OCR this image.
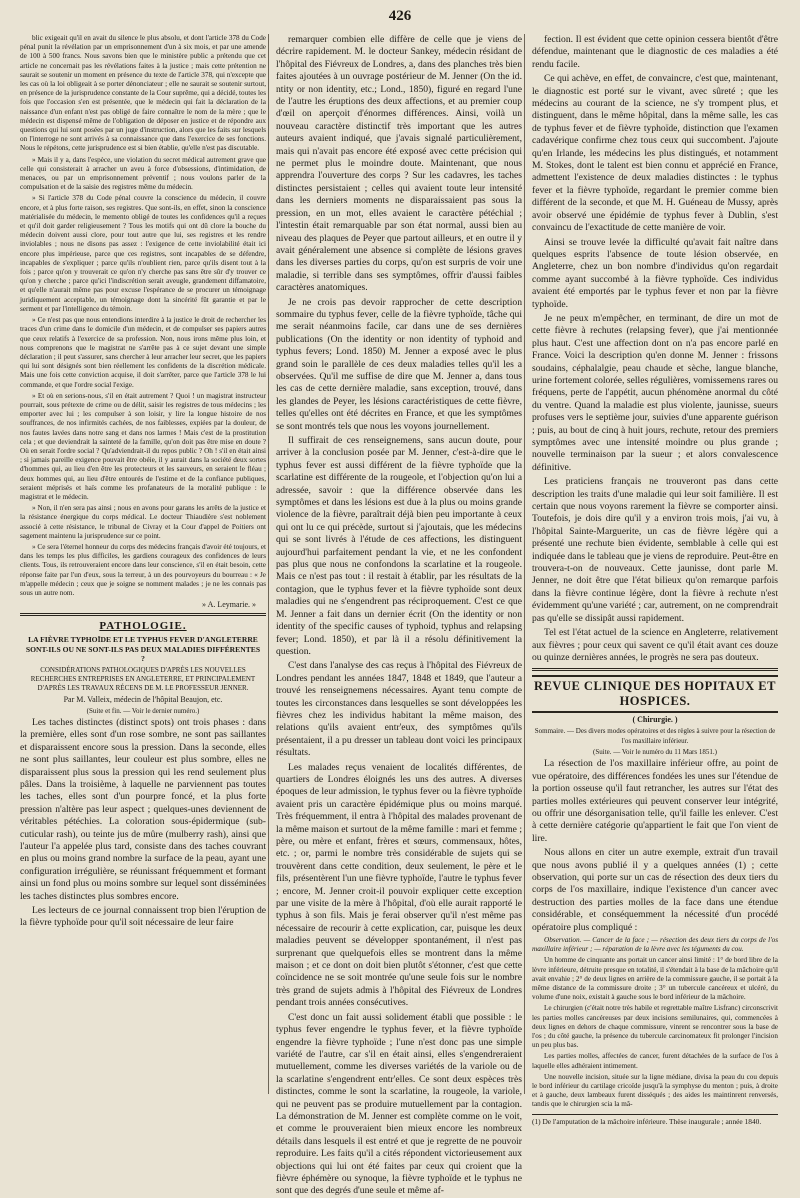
426

blic exigeait qu'il en avait du silence le plus absolu, et dont l'article 378 du Code pénal punit la révélation par un emprisonnement d'un à six mois, et par une amende de 100 à 500 francs. Nous savons bien que le ministère public a prétendu que cet article ne concernait pas les révélations faites à la justice ; mais cette prétention ne saurait se soutenir un moment en présence du texte de l'article 378, qui n'excepte que les cas où la loi obligeait à se porter dénonciateur ; elle ne saurait se soutenir surtout, en présence de la jurisprudence constante de la Cour suprême, qui a décidé, toutes les fois que l'occasion s'en est présentée, que le médecin qui fait la déclaration de la naissance d'un enfant n'est pas obligé de faire connaître le nom de la mère ; que le médecin est dispensé même de l'obligation de déposer en justice et de répondre aux questions qui lui sont posées par un juge d'instruction, alors que les faits sur lesquels on l'interroge ne sont arrivés à sa connaissance que dans l'exercice de ses fonctions. Nous le répétons, cette jurisprudence est si bien établie, qu'elle n'est pas discutable.

» Mais il y a, dans l'espèce, une violation du secret médical autrement grave que celle qui consisterait à arracher un aveu à force d'obsessions, d'intimidation, de menaces, ou par un emprisonnement préventif ; nous voulons parler de la compulsation et de la saisie des registres même du médecin.

» Si l'article 378 du Code pénal couvre la conscience du médecin, il couvre encore, et à plus forte raison, ses registres. Que sont-ils, en effet, sinon la conscience matérialisée du médecin, le memento obligé de toutes les confidences qu'il a reçues et qu'il doit garder religieusement ? Tous les motifs qui ont dû clore la bouche du médecin doivent aussi clore, pour tout autre que lui, ses registres et les rendre inviolables ; nous ne disons pas assez : l'exigence de cette inviolabilité était ici encore plus impérieuse, parce que ces registres, sont incapables de se défendre, incapables de s'expliquer ; parce qu'ils n'oublient rien, parce qu'ils disent tout à la fois ; parce qu'on y trouverait ce qu'on n'y cherche pas sans être sûr d'y trouver ce qu'on y cherche ; parce qu'ici l'indiscrétion serait aveugle, grandement diffamatoire, et qu'elle n'aurait même pas pour excuse l'espérance de se procurer un témoignage juridiquement acceptable, un témoignage dont la sincérité fût garantie et par le serment et par l'intelligence du témoin.

» Ce n'est pas que nous entendions interdire à la justice le droit de rechercher les traces d'un crime dans le domicile d'un médecin, et de compulser ses papiers autres que ceux relatifs à l'exercice de sa profession. Non, nous irons même plus loin, et nous comprenons que le magistrat ne s'arrête pas à ce sujet devant une simple déclaration ; il peut s'assurer, sans chercher à leur arracher leur secret, que les papiers qui lui sont désignés sont bien réellement les confidents de la discrétion médicale. Mais une fois cette conviction acquise, il doit s'arrêter, parce que l'article 378 le lui commande, et que l'ordre social l'exige.

» Et où en serions-nous, s'il en était autrement ? Quoi ! un magistrat instructeur pourrait, sous prétexte de crime ou de délit, saisir les registres de tous médecins ; les emporter avec lui ; les compulser à son loisir, y lire la longue histoire de nos souffrances, de nos infirmités cachées, de nos faiblesses, expiées par la douleur, de nos fautes lavées dans notre sang et dans nos larmes ! Mais c'est de la prostitution cela ; et que deviendrait la sainteté de la famille, qu'on doit pas être mise en doute ? Où en serait l'ordre social ? Qu'adviendrait-il du repos public ? Oh ! s'il en était ainsi ; si jamais pareille exigence pouvait être obéie, il y aurait dans la société deux sortes d'hommes qui, au lieu d'en être les protecteurs et les sauveurs, en seraient le fléau ; deux hommes qui, au lieu d'être entourés de l'estime et de la confiance publiques, seraient méprisés et haïs comme les profanateurs de la moralité publique : le magistrat et le médecin.

» Non, il n'en sera pas ainsi ; nous en avons pour garans les arrêts de la justice et la résistance énergique du corps médical. Le docteur Thiaudière s'est noblement associé à cette résistance, le tribunal de Civray et la Cour d'appel de Poitiers ont sagement maintenu la jurisprudence sur ce point.

» Ce sera l'éternel honneur du corps des médecins français d'avoir été toujours, et dans les temps les plus difficiles, les gardiens courageux des confidences de leurs clients. Tous, ils retrouveraient encore dans leur conscience, s'il en était besoin, cette réponse faite par l'un d'eux, sous la terreur, à un des pourvoyeurs du bourreau : « Je m'appelle médecin ; ceux que je soigne se nomment malades ; je ne les connais pas sous un autre nom.

» A. Leymarie. »
PATHOLOGIE.
LA FIÈVRE TYPHOÏDE ET LE TYPHUS FEVER D'ANGLETERRE SONT-ILS OU NE SONT-ILS PAS DEUX MALADIES DIFFÉRENTES ?
CONSIDÉRATIONS PATHOLOGIQUES D'APRÈS LES NOUVELLES RECHERCHES ENTREPRISES EN ANGLETERRE, ET PRINCIPALEMENT D'APRÈS LES TRAVAUX RÉCENS DE M. LE PROFESSEUR JENNER.
Par M. Valleix, médecin de l'hôpital Beaujon, etc.
(Suite et fin. — Voir le dernier numéro.)

Les taches distinctes (distinct spots) ont trois phases : dans la première, elles sont d'un rose sombre, ne sont pas saillantes et disparaissent encore sous la pression. Dans la seconde, elles ne sont plus saillantes, leur couleur est plus sombre, elles ne disparaissent plus sous la pression qui les rend seulement plus pâles. Dans la troisième, à laquelle ne parviennent pas toutes les taches, elles sont d'un pourpre foncé, et la plus forte pression n'altère pas leur aspect ; quelques-unes deviennent de véritables pétéchies. La coloration sous-épidermique (sub-cuticular rash), ou teinte jus de mûre (mulberry rash), ainsi que l'auteur l'a appelée plus tard, consiste dans des taches couvrant en plus ou moins grand nombre la surface de la peau, ayant une configuration irrégulière, se réunissant fréquemment et formant ainsi un fond plus ou moins sombre sur lequel sont disséminées les taches distinctes plus sombres encore.

Les lecteurs de ce journal connaissent trop bien l'éruption de la fièvre typhoïde pour qu'il soit nécessaire de leur faire

remarquer combien elle diffère de celle que je viens de décrire rapidement. M. le docteur Sankey, médecin résidant de l'hôpital des Fiévreux de Londres, a, dans des planches très bien faites ajoutées à un ouvrage postérieur de M. Jenner (On the id. ntity or non identity, etc.; Lond., 1850), figuré en regard l'une de l'autre les éruptions des deux affections, et au premier coup d'œil on aperçoit d'énormes différences. Ainsi, voilà un nouveau caractère distinctif très important que les autres auteurs avaient indiqué, que j'avais signalé particulièrement, mais qui n'avait pas encore été exposé avec cette précision qui ne permet plus le moindre doute. Maintenant, que nous apprendra l'ouverture des corps ? Sur les cadavres, les taches distinctes persistaient ; celles qui avaient toute leur intensité dans les derniers moments ne disparaissaient pas sous la pression, en un mot, elles avaient le caractère pétéchial ; l'intestin était remarquable par son état normal, aussi bien au niveau des plaques de Peyer que partout ailleurs, et en outre il y avait généralement une absence si complète de lésions graves dans les diverses parties du corps, qu'on est surpris de voir une maladie, si terrible dans ses symptômes, offrir d'aussi faibles caractères anatomiques.

Je ne crois pas devoir rapprocher de cette description sommaire du typhus fever, celle de la fièvre typhoïde, tâche qui me serait néanmoins facile, car dans une de ses dernières publications (On the identity or non identity of typhoid and typhus fevers; Lond. 1850) M. Jenner a exposé avec le plus grand soin le parallèle de ces deux maladies telles qu'il les a observées. Qu'il me suffise de dire que M. Jenner a, dans tous les cas de cette dernière maladie, sans exception, trouvé, dans les glandes de Peyer, les lésions caractéristiques de cette fièvre, telles qu'elles ont été décrites en France, et que les symptômes se sont montrés tels que nous les voyons journellement.

Il suffirait de ces renseignemens, sans aucun doute, pour arriver à la conclusion posée par M. Jenner, c'est-à-dire que le typhus fever est aussi différent de la fièvre typhoïde que la scarlatine est différente de la rougeole, et l'objection qu'on lui a adressée, savoir : que la différence observée dans les symptômes et dans les lésions est due à la plus ou moins grande violence de la fièvre, paraîtrait déjà bien peu importante à ceux qui ont lu ce qui précède, surtout si j'ajoutais, que les médecins qui se sont livrés à l'étude de ces affections, les distinguent aujourd'hui parfaitement pendant la vie, et ne les confondent pas plus que nous ne confondons la scarlatine et la rougeole. Mais ce n'est pas tout : il restait à établir, par les résultats de la contagion, que le typhus fever et la fièvre typhoïde sont deux maladies qui ne s'engendrent pas réciproquement. C'est ce que M. Jenner a fait dans un dernier écrit (On the identity or non identity of the specific causes of typhoid, typhus and relapsing fever; Lond. 1850), et par là il a résolu définitivement la question.

C'est dans l'analyse des cas reçus à l'hôpital des Fiévreux de Londres pendant les années 1847, 1848 et 1849, que l'auteur a trouvé les renseignemens nécessaires. Ayant tenu compte de toutes les circonstances dans lesquelles se sont développées les fièvres chez les individus habitant la même maison, des relations qu'ils avaient entr'eux, des symptômes qu'ils présentaient, il a pu dresser un tableau dont voici les principaux résultats.

Les malades reçus venaient de localités différentes, de quartiers de Londres éloignés les uns des autres. A diverses époques de leur admission, le typhus fever ou la fièvre typhoïde avaient pris un caractère épidémique plus ou moins marqué. Très fréquemment, il entra à l'hôpital des malades provenant de la même maison et surtout de la même famille : mari et femme ; père, ou mère et enfant, frères et sœurs, commensaux, hôtes, etc. ; or, parmi le nombre très considérable de sujets qui se trouvèrent dans cette condition, deux seulement, le père et le fils, présentèrent l'un une fièvre typhoïde, l'autre le typhus fever ; encore, M. Jenner croit-il pouvoir expliquer cette exception par une visite de la mère à l'hôpital, d'où elle aurait rapporté le typhus à son fils. Mais je ferai observer qu'il n'est même pas nécessaire de recourir à cette explication, car, puisque les deux maladies peuvent se développer spontanément, il n'est pas surprenant que quelquefois elles se montrent dans la même maison ; et ce dont on doit bien plutôt s'étonner, c'est que cette coïncidence ne se soit montrée qu'une seule fois sur le nombre très grand de sujets admis à l'hôpital des Fiévreux de Londres pendant trois années consécutives.

C'est donc un fait aussi solidement établi que possible : le typhus fever engendre le typhus fever, et la fièvre typhoïde engendre la fièvre typhoïde ; l'une n'est donc pas une simple variété de l'autre, car s'il en était ainsi, elles s'engendreraient mutuellement, comme les diverses variétés de la variole ou de la scarlatine s'engendrent entr'elles. Ce sont deux espèces très distinctes, comme le sont la scarlatine, la rougeole, la variole, qui ne peuvent pas se produire mutuellement par la contagion. La démonstration de M. Jenner est complète comme on le voit, et comme le prouveraient bien mieux encore les nombreux détails dans lesquels il est entré et que je regrette de ne pouvoir reproduire. Les faits qu'il a cités répondent victorieusement aux objections qui lui ont été faites par ceux qui croient que la fièvre éphémère ou synoque, la fièvre typhoïde et le typhus ne sont que des degrés d'une seule et même af-

fection. Il est évident que cette opinion cessera bientôt d'être défendue, maintenant que le diagnostic de ces maladies a été rendu facile.

Ce qui achève, en effet, de convaincre, c'est que, maintenant, le diagnostic est porté sur le vivant, avec sûreté ; que les médecins au courant de la science, ne s'y trompent plus, et distinguent, dans le même hôpital, dans la même salle, les cas de typhus fever et de fièvre typhoïde, distinction que l'examen cadavérique confirme chez tous ceux qui succombent. J'ajoute qu'en Irlande, les médecins les plus distingués, et notamment M. Stokes, dont le talent est bien connu et apprécié en France, admettent l'existence de deux maladies distinctes : le typhus fever et la fièvre typhoïde, regardant le premier comme bien différent de la seconde, et que M. H. Guéneau de Mussy, après avoir observé une épidémie de typhus fever à Dublin, s'est convaincu de l'exactitude de cette manière de voir.

Ainsi se trouve levée la difficulté qu'avait fait naître dans quelques esprits l'absence de toute lésion observée, en Angleterre, chez un bon nombre d'individus qu'on regardait comme ayant succombé à la fièvre typhoïde. Ces individus avaient été emportés par le typhus fever et non par la fièvre typhoïde.

Je ne peux m'empêcher, en terminant, de dire un mot de cette fièvre à rechutes (relapsing fever), que j'ai mentionnée plus haut. C'est une affection dont on n'a pas encore parlé en France. Voici la description qu'en donne M. Jenner : frissons soudains, céphalalgie, peau chaude et sèche, langue blanche, urine fortement colorée, selles régulières, vomissemens rares ou fréquens, perte de l'appétit, aucun phénomène anormal du côté du ventre. Quand la maladie est plus violente, jaunisse, sueurs profuses vers le septième jour, suivies d'une apparente guérison ; puis, au bout de cinq à huit jours, rechute, retour des premiers symptômes avec une intensité moindre ou plus grande ; nouvelle terminaison par la sueur ; et alors convalescence définitive.

Les praticiens français ne trouveront pas dans cette description les traits d'une maladie qui leur soit familière. Il est certain que nous voyons rarement la fièvre se comporter ainsi. Toutefois, je dois dire qu'il y a environ trois mois, j'ai vu, à l'hôpital Sainte-Marguerite, un cas de fièvre légère qui a présenté une rechute bien évidente, semblable à celle qui est indiquée dans le tableau que je viens de reproduire. Peut-être en trouvera-t-on de nouveaux. Cette jaunisse, dont parle M. Jenner, ne doit être que l'état bilieux qu'on remarque parfois dans la fièvre continue légère, dont la fièvre à rechute n'est évidemment qu'une variété ; car, autrement, on ne comprendrait pas qu'elle se dissipât aussi rapidement.

Tel est l'état actuel de la science en Angleterre, relativement aux fièvres ; pour ceux qui savent ce qu'il était avant ces douze ou quinze dernières années, le progrès ne sera pas douteux.

REVUE CLINIQUE DES HOPITAUX ET HOSPICES.
( Chirurgie. )
Sommaire. — Des divers modes opératoires et des règles à suivre pour la résection de l'os maxillaire inférieur.
(Suite. — Voir le numéro du 11 Mars 1851.)

La résection de l'os maxillaire inférieur offre, au point de vue opératoire, des différences fondées les unes sur l'étendue de la portion osseuse qu'il faut retrancher, les autres sur l'état des parties molles extérieures qui peuvent conserver leur intégrité, ou offrir une désorganisation telle, qu'il faille les enlever. C'est à cette dernière catégorie qu'appartient le fait que l'on vient de lire.

Nous allons en citer un autre exemple, extrait d'un travail que nous avons publié il y a quelques années (1) ; cette observation, qui porte sur un cas de résection des deux tiers du corps de l'os maxillaire, indique l'existence d'un cancer avec destruction des parties molles de la face dans une étendue considérable, et conséquemment la nécessité d'un procédé opératoire plus compliqué :

Observation. — Cancer de la face ; — résection des deux tiers du corps de l'os maxillaire inférieur ; — réparation de la lèvre avec les téguments du cou.

Un homme de cinquante ans portait un cancer ainsi limité : 1° de bord libre de la lèvre inférieure, détruite presque en totalité, il s'étendait à la base de la mâchoire qu'il avait envahie ; 2° de deux lignes en arrière de la commissure gauche, il se portait à la même distance de la commissure droite ; 3° un tubercule cancéreux et ulcéré, du volume d'une noix, existait à gauche sous le bord inférieur de la mâchoire.

Le chirurgien (c'était notre très habile et regrettable maître Lisfranc) circonscrivit les parties molles cancéreuses par deux incisions semilunaires, qui, commencées à deux lignes en dehors de chaque commissure, vinrent se rencontrer sous la base de l'os ; du côté gauche, la présence du tubercule carcinomateux fit prolonger l'incision un peu plus bas.

Les parties molles, affectées de cancer, furent détachées de la surface de l'os à laquelle elles adhéraient intimement.

Une nouvelle incision, située sur la ligne médiane, divisa la peau du cou depuis le bord inférieur du cartilage cricoïde jusqu'à la symphyse du menton ; puis, à droite et à gauche, deux lambeaux furent disséqués ; des aides les maintinrent renversés, tandis que le chirurgien scia la mâ-

(1) De l'amputation de la mâchoire inférieure. Thèse inaugurale ; année 1840.
